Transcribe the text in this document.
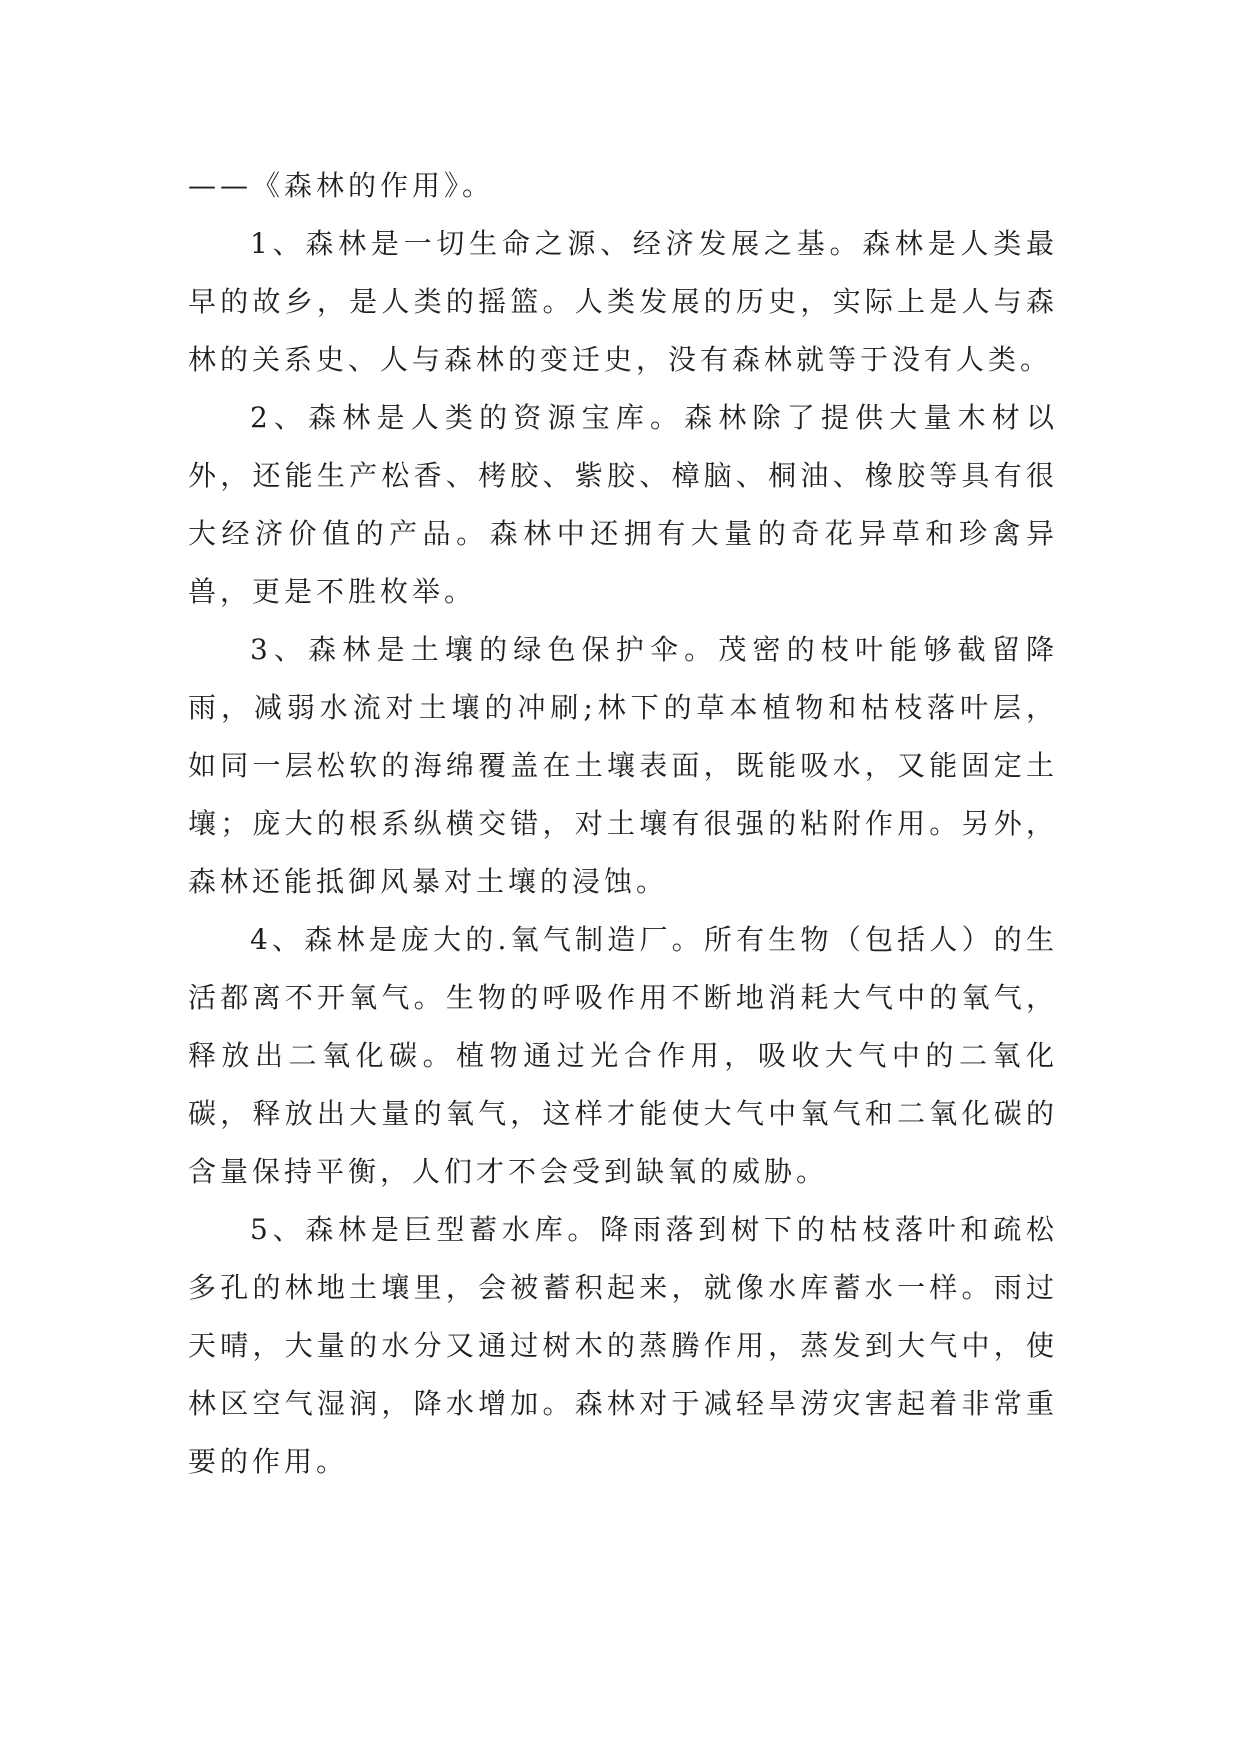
——《森林的作用》。

1、森林是一切生命之源、经济发展之基。森林是人类最早的故乡，是人类的摇篮。人类发展的历史，实际上是人与森林的关系史、人与森林的变迁史，没有森林就等于没有人类。

2、森林是人类的资源宝库。森林除了提供大量木材以外，还能生产松香、栲胶、紫胶、樟脑、桐油、橡胶等具有很大经济价值的产品。森林中还拥有大量的奇花异草和珍禽异兽，更是不胜枚举。

3、森林是土壤的绿色保护伞。茂密的枝叶能够截留降雨，减弱水流对土壤的冲刷;林下的草本植物和枯枝落叶层，如同一层松软的海绵覆盖在土壤表面，既能吸水，又能固定土壤；庞大的根系纵横交错，对土壤有很强的粘附作用。另外，森林还能抵御风暴对土壤的浸蚀。

4、森林是庞大的.氧气制造厂。所有生物（包括人）的生活都离不开氧气。生物的呼吸作用不断地消耗大气中的氧气，释放出二氧化碳。植物通过光合作用，吸收大气中的二氧化碳，释放出大量的氧气，这样才能使大气中氧气和二氧化碳的含量保持平衡，人们才不会受到缺氧的威胁。

5、森林是巨型蓄水库。降雨落到树下的枯枝落叶和疏松多孔的林地土壤里，会被蓄积起来，就像水库蓄水一样。雨过天晴，大量的水分又通过树木的蒸腾作用，蒸发到大气中，使林区空气湿润，降水增加。森林对于减轻旱涝灾害起着非常重要的作用。
